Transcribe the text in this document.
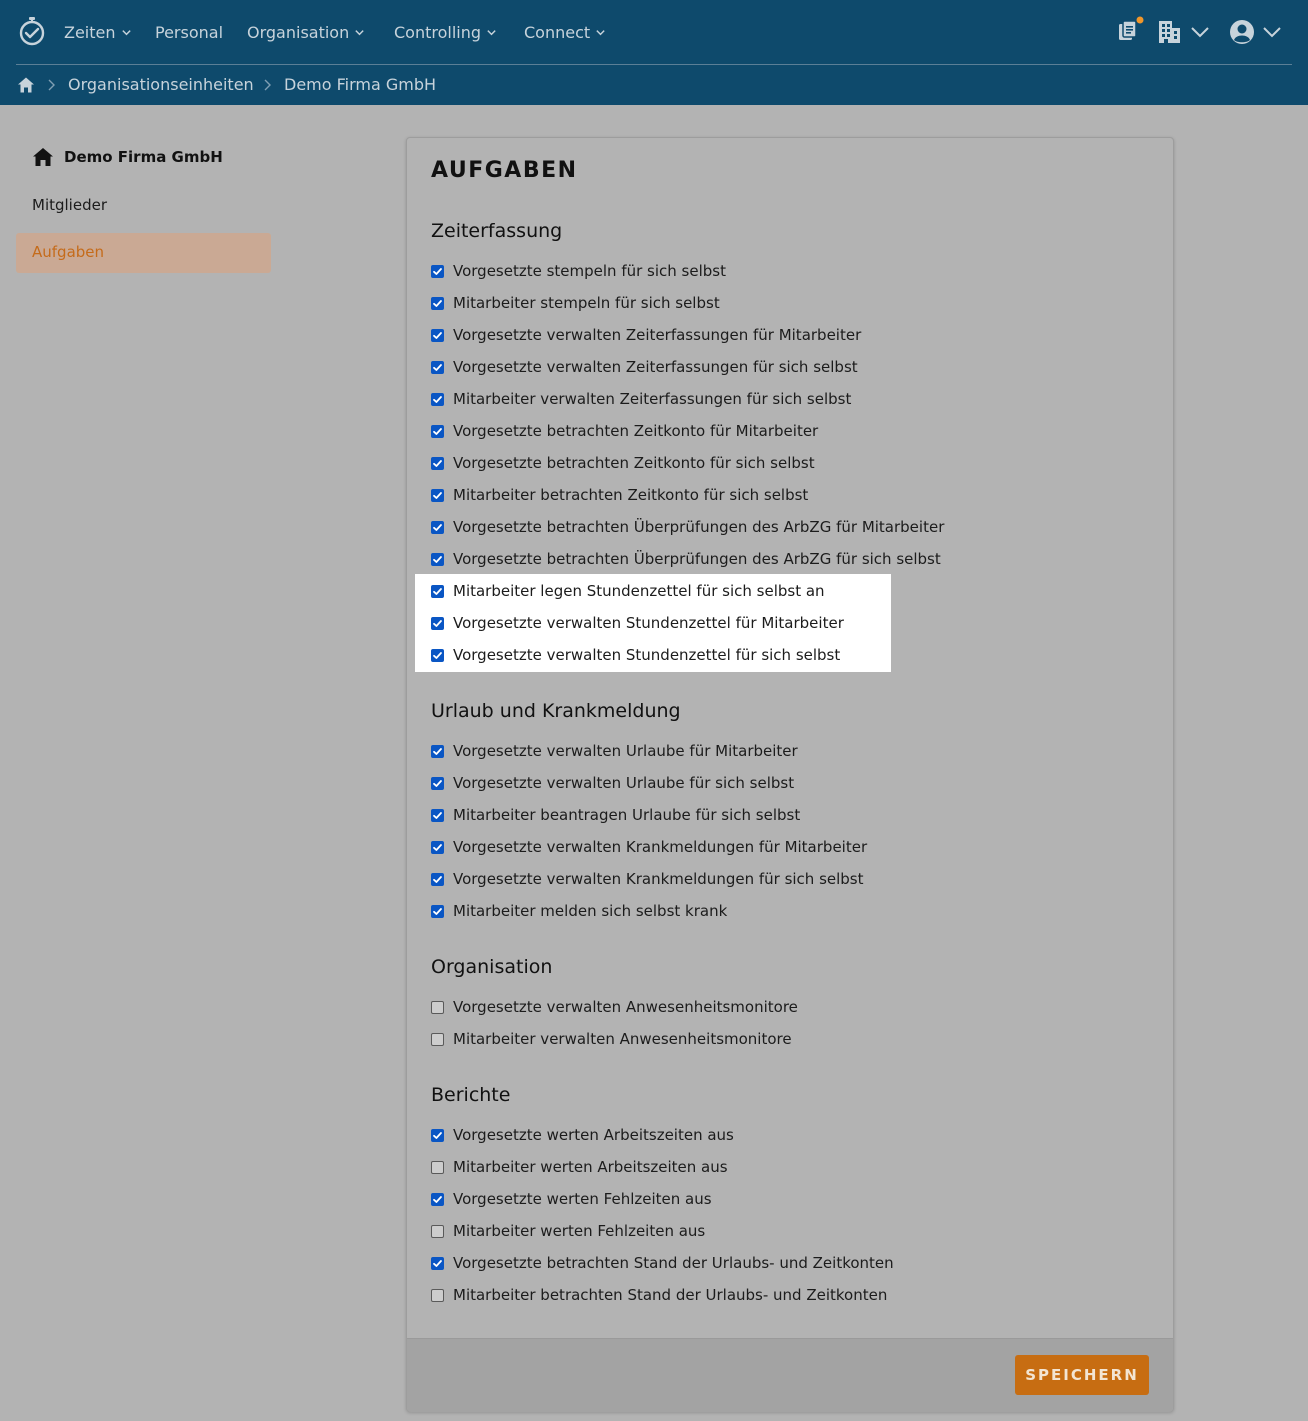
Zeiten Personal Organisation	Controlling	Connect
Organisationseinheiten Demo Firma GmbH
Demo Firma GmbH
Mitglieder
Aufgaben
AUFGABEN
Zeiterfassung
Vorgesetzte stempeln für sich selbst
Mitarbeiter stempeln für sich selbst
Vorgesetzte verwalten Zeiterfassungen für Mitarbeiter
Vorgesetzte verwalten Zeiterfassungen für sich selbst
Mitarbeiter verwalten Zeiterfassungen für sich selbst
Vorgesetzte betrachten Zeitkonto für Mitarbeiter
Vorgesetzte betrachten Zeitkonto für sich selbst
Mitarbeiter betrachten Zeitkonto für sich selbst
Vorgesetzte betrachten Überprüfungen des ArbZG für Mitarbeiter
Vorgesetzte betrachten Überprüfungen des ArbZG für sich selbst
Mitarbeiter legen Stundenzettel für sich selbst an
Vorgesetzte verwalten Stundenzettel für Mitarbeiter
Vorgesetzte verwalten Stundenzettel für sich selbst
Urlaub und Krankmeldung
Vorgesetzte verwalten Urlaube für Mitarbeiter
Vorgesetzte verwalten Urlaube für sich selbst
Mitarbeiter beantragen Urlaube für sich selbst
Vorgesetzte verwalten Krankmeldungen für Mitarbeiter
Vorgesetzte verwalten Krankmeldungen für sich selbst
Mitarbeiter melden sich selbst krank
Organisation
Vorgesetzte verwalten Anwesenheitsmonitore
Mitarbeiter verwalten Anwesenheitsmonitore
Berichte
Vorgesetzte werten Arbeitszeiten aus
Mitarbeiter werten Arbeitszeiten aus
Vorgesetzte werten Fehlzeiten aus
Mitarbeiter werten Fehlzeiten aus
Vorgesetzte betrachten Stand der Urlaubs- und Zeitkonten
Mitarbeiter betrachten Stand der Urlaubs- und Zeitkonten
SPEICHERN
